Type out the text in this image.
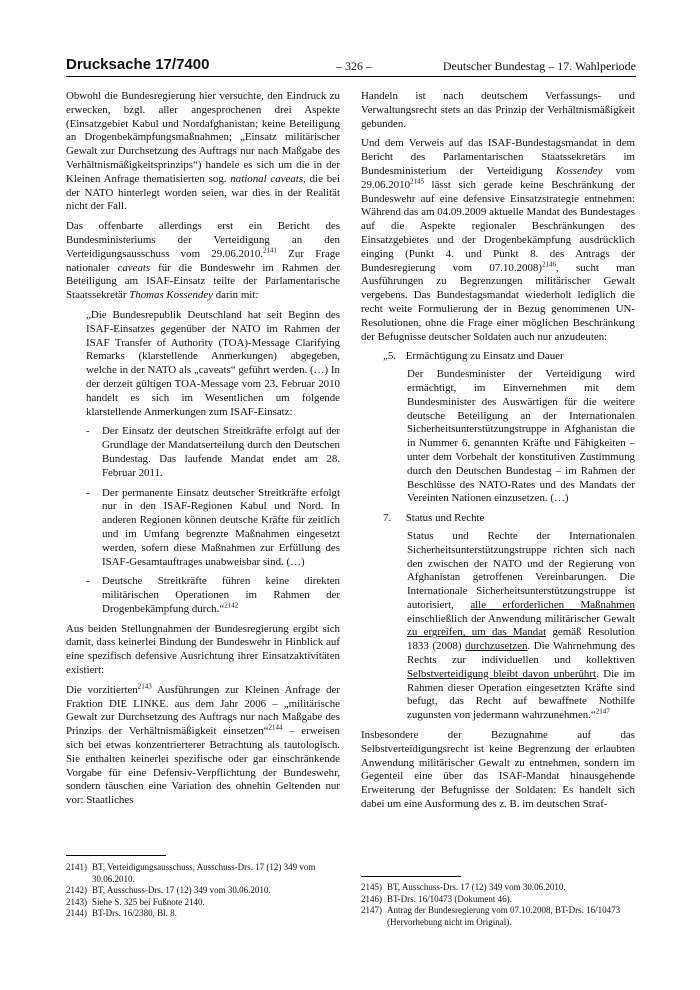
Drucksache 17/7400	– 326 –	Deutscher Bundestag – 17. Wahlperiode

Obwohl die Bundesregierung hier versuchte, den Eindruck zu erwecken, bzgl. aller angesprochenen drei Aspekte (Einsatzgebiet Kabul und Nordafghanistan; keine Beteiligung an Drogenbekämpfungsmaßnahmen; „Einsatz militärischer Gewalt zur Durchsetzung des Auftrags nur nach Maßgabe des Verhältnismäßigkeitsprinzips“) handele es sich um die in der Kleinen Anfrage thematisierten sog. national caveats, die bei der NATO hinterlegt worden seien, war dies in der Realität nicht der Fall.

Das offenbarte allerdings erst ein Bericht des Bundesministeriums der Verteidigung an den Verteidigungsausschuss vom 29.06.2010.$^{2141}$ Zur Frage nationaler caveats für die Bundeswehr im Rahmen der Beteiligung am ISAF-Einsatz teilte der Parlamentarische Staatssekretär Thomas Kossendey darin mit:

„Die Bundesrepublik Deutschland hat seit Beginn des ISAF-Einsatzes gegenüber der NATO im Rahmen der ISAF Transfer of Authority (TOA)-Message Clarifying Remarks (klarstellende Anmerkungen) abgegeben, welche in der NATO als „caveats“ geführt werden. (…) In der derzeit gültigen TOA-Message vom 23. Februar 2010 handelt es sich im Wesentlichen um folgende klarstellende Anmerkungen zum ISAF-Einsatz:

- Der Einsatz der deutschen Streitkräfte erfolgt auf der Grundlage der Mandatserteilung durch den Deutschen Bundestag. Das laufende Mandat endet am 28. Februar 2011.
- Der permanente Einsatz deutscher Streitkräfte erfolgt nur in den ISAF-Regionen Kabul und Nord. In anderen Regionen können deutsche Kräfte für zeitlich und im Umfang begrenzte Maßnahmen eingesetzt werden, sofern diese Maßnahmen zur Erfüllung des ISAF-Gesamtauftrages unabweisbar sind. (…)
- Deutsche Streitkräfte führen keine direkten militärischen Operationen im Rahmen der Drogenbekämpfung durch.“$^{2142}$

Aus beiden Stellungnahmen der Bundesregierung ergibt sich damit, dass keinerlei Bindung der Bundeswehr in Hinblick auf eine spezifisch defensive Ausrichtung ihrer Einsatzaktivitäten existiert:

Die vorzitierten$^{2143}$ Ausführungen zur Kleinen Anfrage der Fraktion DIE LINKE. aus dem Jahr 2006 – „militärische Gewalt zur Durchsetzung des Auftrags nur nach Maßgabe des Prinzips der Verhältnismäßigkeit einsetzen“$^{2144}$ – erweisen sich bei etwas konzentrierterer Betrachtung als tautologisch. Sie enthalten keinerlei spezifische oder gar einschränkende Vorgabe für eine Defensiv-Verpflichtung der Bundeswehr, sondern täuschen eine Variation des ohnehin Geltenden nur vor: Staatliches

Handeln ist nach deutschem Verfassungs- und Verwaltungsrecht stets an das Prinzip der Verhältnismäßigkeit gebunden.

Und dem Verweis auf das ISAF-Bundestagsmandat in dem Bericht des Parlamentarischen Staatssekretärs im Bundesministerium der Verteidigung Kossendey vom $29.06.2010^{2145}$ lässt sich gerade keine Beschränkung der Bundeswehr auf eine defensive Einsatzstrategie entnehmen: Während das am 04.09.2009 aktuelle Mandat des Bundestages auf die Aspekte regionaler Beschränkungen des Einsatzgebietes und der Drogenbekämpfung ausdrücklich einging (Punkt 4. und Punkt 8. des Antrags der Bundesregierung vom 07.10.2008)$^{2146}$, sucht man Ausführungen zu Begrenzungen militärischer Gewalt vergebens. Das Bundestagsmandat wiederholt lediglich die recht weite Formulierung der in Bezug genommenen UN-Resolutionen, ohne die Frage einer möglichen Beschränkung der Befugnisse deutscher Soldaten auch nur anzudeuten:

„5. Ermächtigung zu Einsatz und Dauer

Der Bundesminister der Verteidigung wird ermächtigt, im Einvernehmen mit dem Bundesminister des Auswärtigen für die weitere deutsche Beteiligung an der Internationalen Sicherheitsunterstützungstruppe in Afghanistan die in Nummer 6. genannten Kräfte und Fähigkeiten – unter dem Vorbehalt der konstitutiven Zustimmung durch den Deutschen Bundestag – im Rahmen der Beschlüsse des NATO-Rates und des Mandats der Vereinten Nationen einzusetzen. (…)

7. Status und Rechte

Status und Rechte der Internationalen Sicherheitsunterstützungstruppe richten sich nach den zwischen der NATO und der Regierung von Afghanistan getroffenen Vereinbarungen. Die Internationale Sicherheitsunterstützungstruppe ist autorisiert, alle erforderlichen Maßnahmen einschließlich der Anwendung militärischer Gewalt zu ergreifen, um das Mandat gemäß Resolution 1833 (2008) durchzusetzen. Die Wahrnehmung des Rechts zur individuellen und kollektiven Selbstverteidigung bleibt davon unberührt. Die im Rahmen dieser Operation eingesetzten Kräfte sind befugt, das Recht auf bewaffnete Nothilfe zugunsten von jedermann wahrzunehmen.“$^{2147}$

Insbesondere der Bezugnahme auf das Selbstverteidigungsrecht ist keine Begrenzung der erlaubten Anwendung militärischer Gewalt zu entnehmen, sondern im Gegenteil eine über das ISAF-Mandat hinausgehende Erweiterung der Befugnisse der Soldaten: Es handelt sich dabei um eine Ausformung des z. B. im deutschen Straf-

2141) BT, Verteidigungsausschuss, Ausschuss-Drs. 17 (12) 349 vom 30.06.2010.
2142) BT, Ausschuss-Drs. 17 (12) 349 vom 30.06.2010.
2143) Siehe S. 325 bei Fußnote 2140.
2144) BT-Drs. 16/2380, Bl. 8.
2145) BT, Ausschuss-Drs. 17 (12) 349 vom 30.06.2010.
2146) BT-Drs. 16/10473 (Dokument 46).
2147) Antrag der Bundesregierung vom 07.10.2008, BT-Drs. 16/10473 (Hervorhebung nicht im Original).
